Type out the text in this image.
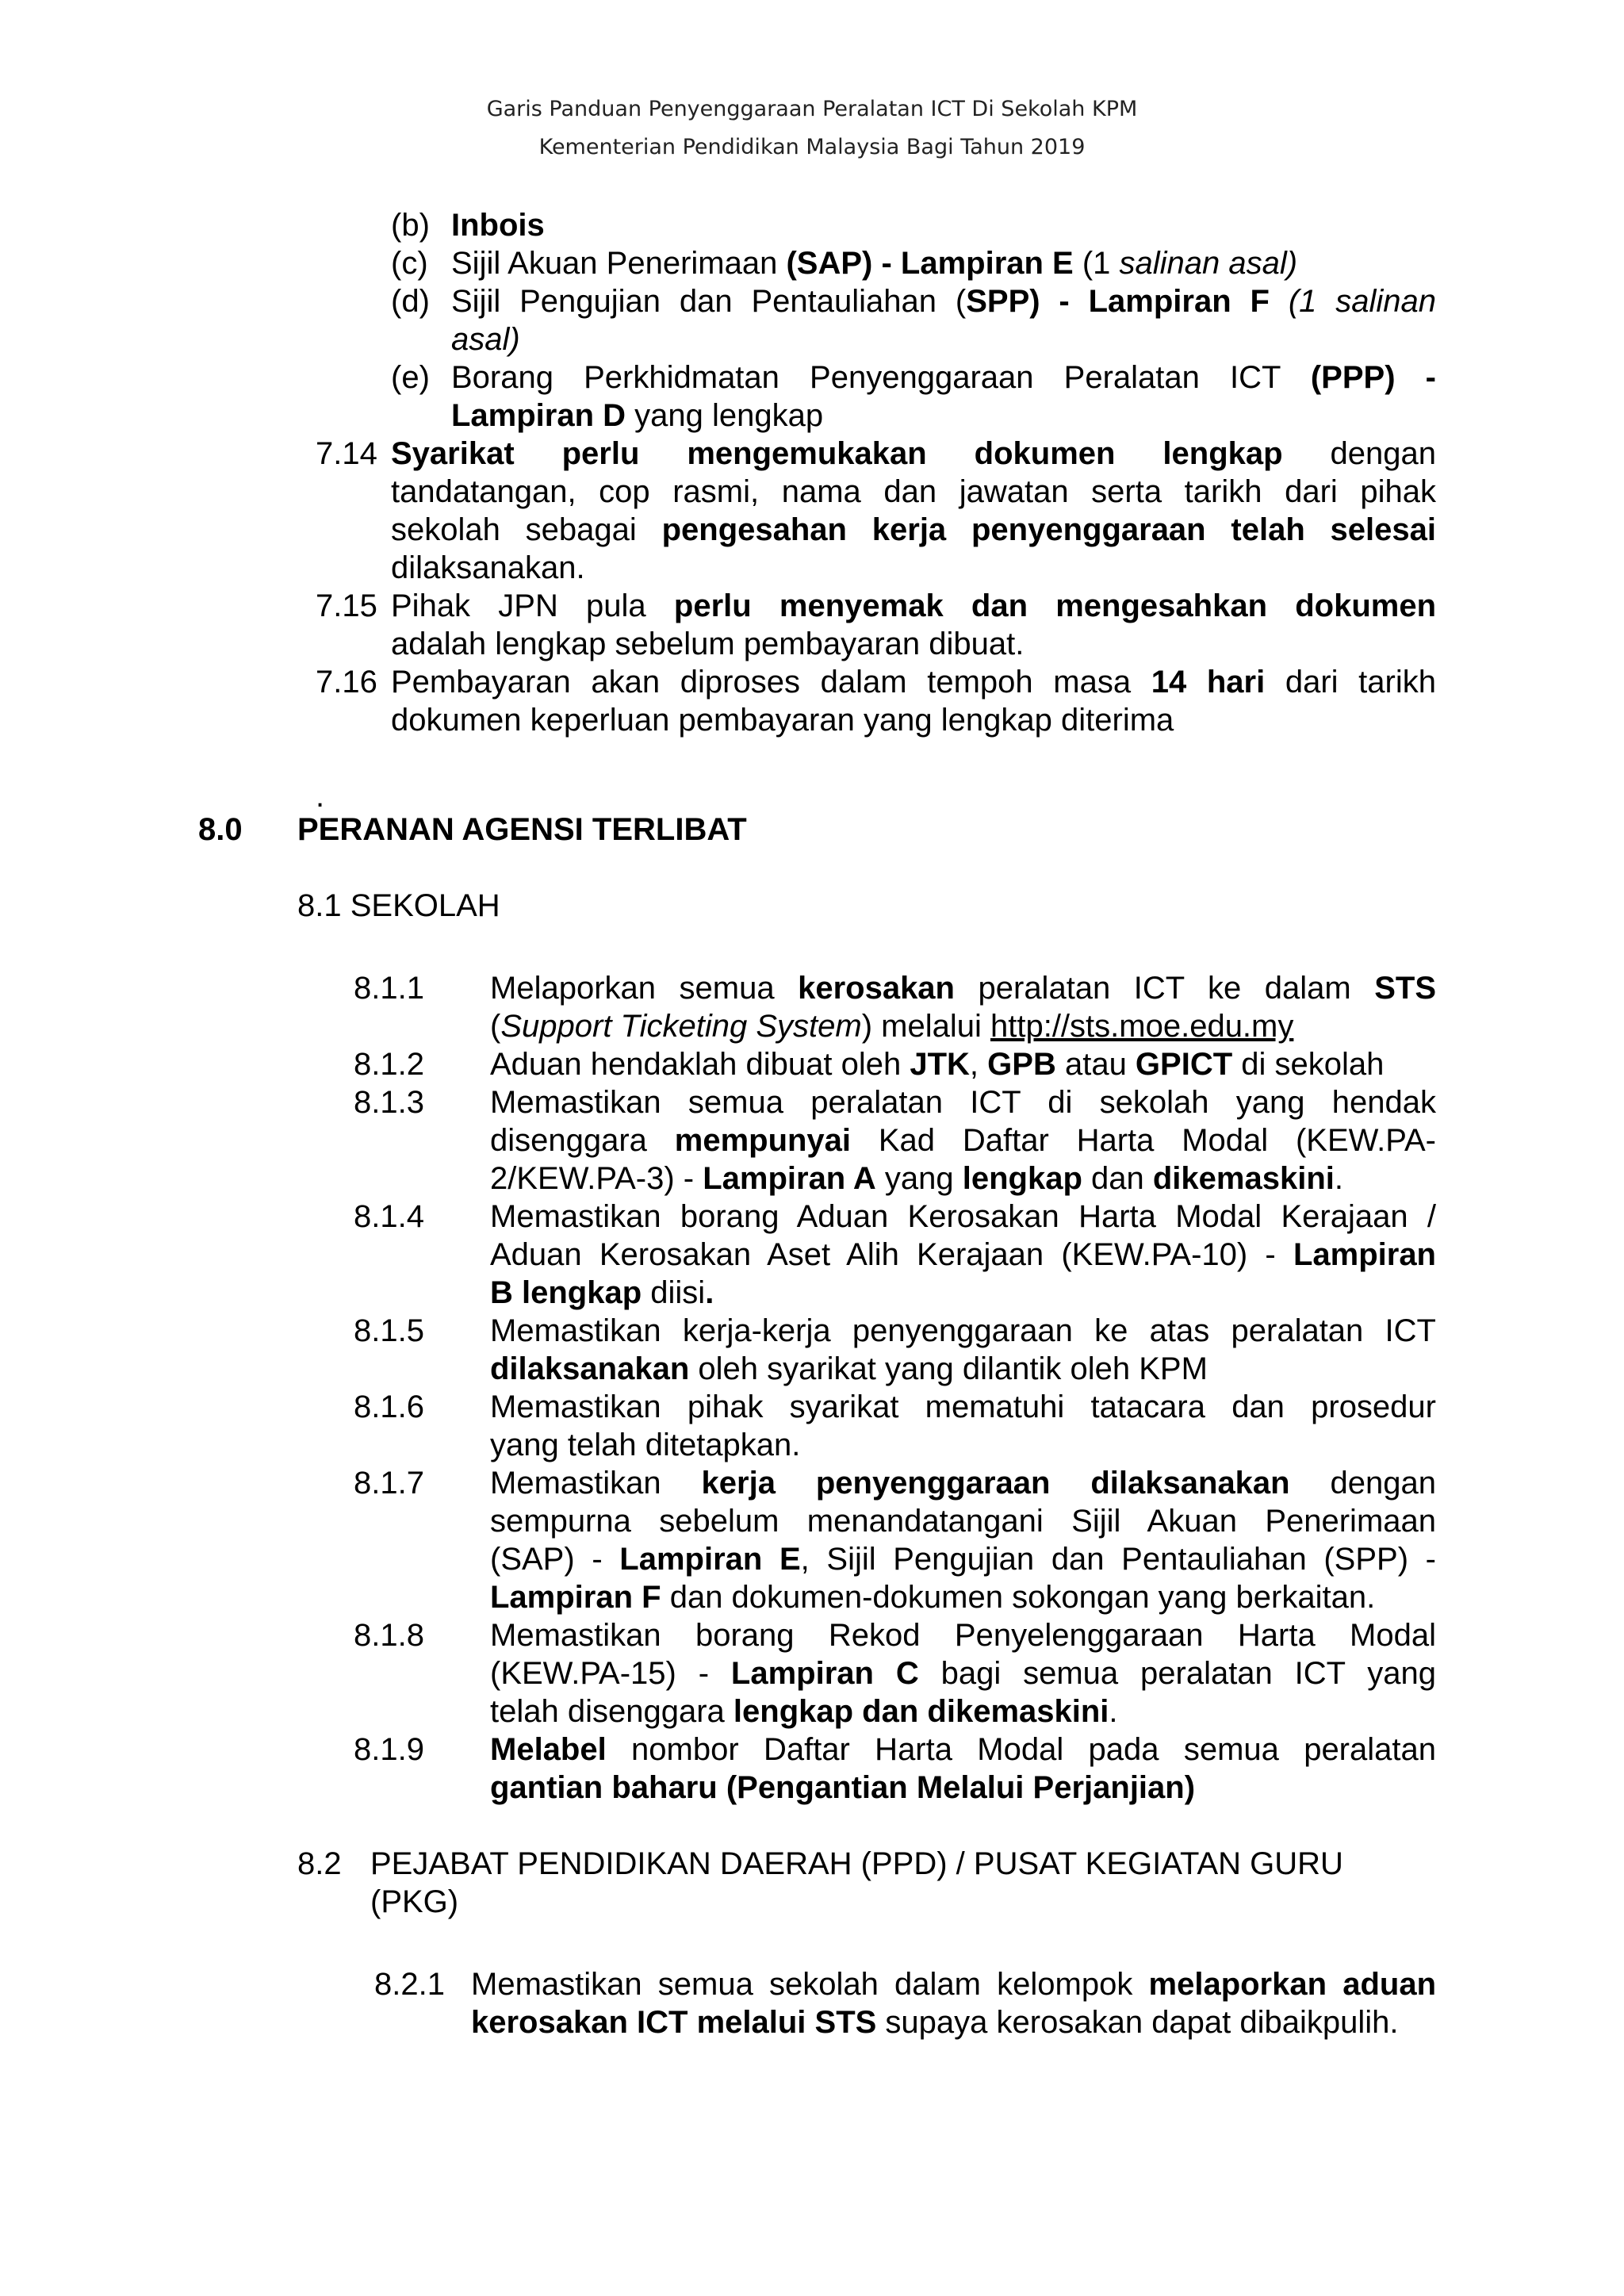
Garis Panduan Penyenggaraan Peralatan ICT Di Sekolah KPM
Kementerian Pendidikan Malaysia Bagi Tahun 2019
(b) Inbois
(c) Sijil Akuan Penerimaan (SAP) - Lampiran E (1 salinan asal)
(d) Sijil Pengujian dan Pentauliahan (SPP) - Lampiran F (1 salinan
asal)
(e) Borang Perkhidmatan Penyenggaraan Peralatan ICT (PPP) -
Lampiran D yang lengkap
7.14 Syarikat perlu mengemukakan dokumen lengkap dengan
tandatangan, cop rasmi, nama dan jawatan serta tarikh dari pihak
sekolah sebagai pengesahan kerja penyenggaraan telah selesai
dilaksanakan.
7.15 Pihak JPN pula perlu menyemak dan mengesahkan dokumen
adalah lengkap sebelum pembayaran dibuat.
7.16 Pembayaran akan diproses dalam tempoh masa 14 hari dari tarikh
dokumen keperluan pembayaran yang lengkap diterima
.
8.0 PERANAN AGENSI TERLIBAT
8.1 SEKOLAH
8.1.1 Melaporkan semua kerosakan peralatan ICT ke dalam STS
(Support Ticketing System) melalui http://sts.moe.edu.my
8.1.2 Aduan hendaklah dibuat oleh JTK, GPB atau GPICT di sekolah
8.1.3 Memastikan semua peralatan ICT di sekolah yang hendak
disenggara mempunyai Kad Daftar Harta Modal (KEW.PA-
2/KEW.PA-3) - Lampiran A yang lengkap dan dikemaskini.
8.1.4 Memastikan borang Aduan Kerosakan Harta Modal Kerajaan /
Aduan Kerosakan Aset Alih Kerajaan (KEW.PA-10) - Lampiran
B lengkap diisi.
8.1.5 Memastikan kerja-kerja penyenggaraan ke atas peralatan ICT
dilaksanakan oleh syarikat yang dilantik oleh KPM
8.1.6 Memastikan pihak syarikat mematuhi tatacara dan prosedur
yang telah ditetapkan.
8.1.7 Memastikan kerja penyenggaraan dilaksanakan dengan
sempurna sebelum menandatangani Sijil Akuan Penerimaan
(SAP) - Lampiran E, Sijil Pengujian dan Pentauliahan (SPP) -
Lampiran F dan dokumen-dokumen sokongan yang berkaitan.
8.1.8 Memastikan borang Rekod Penyelenggaraan Harta Modal
(KEW.PA-15) - Lampiran C bagi semua peralatan ICT yang
telah disenggara lengkap dan dikemaskini.
8.1.9 Melabel nombor Daftar Harta Modal pada semua peralatan
gantian baharu (Pengantian Melalui Perjanjian)
8.2 PEJABAT PENDIDIKAN DAERAH (PPD) / PUSAT KEGIATAN GURU
(PKG)
8.2.1 Memastikan semua sekolah dalam kelompok melaporkan aduan
kerosakan ICT melalui STS supaya kerosakan dapat dibaikpulih.
